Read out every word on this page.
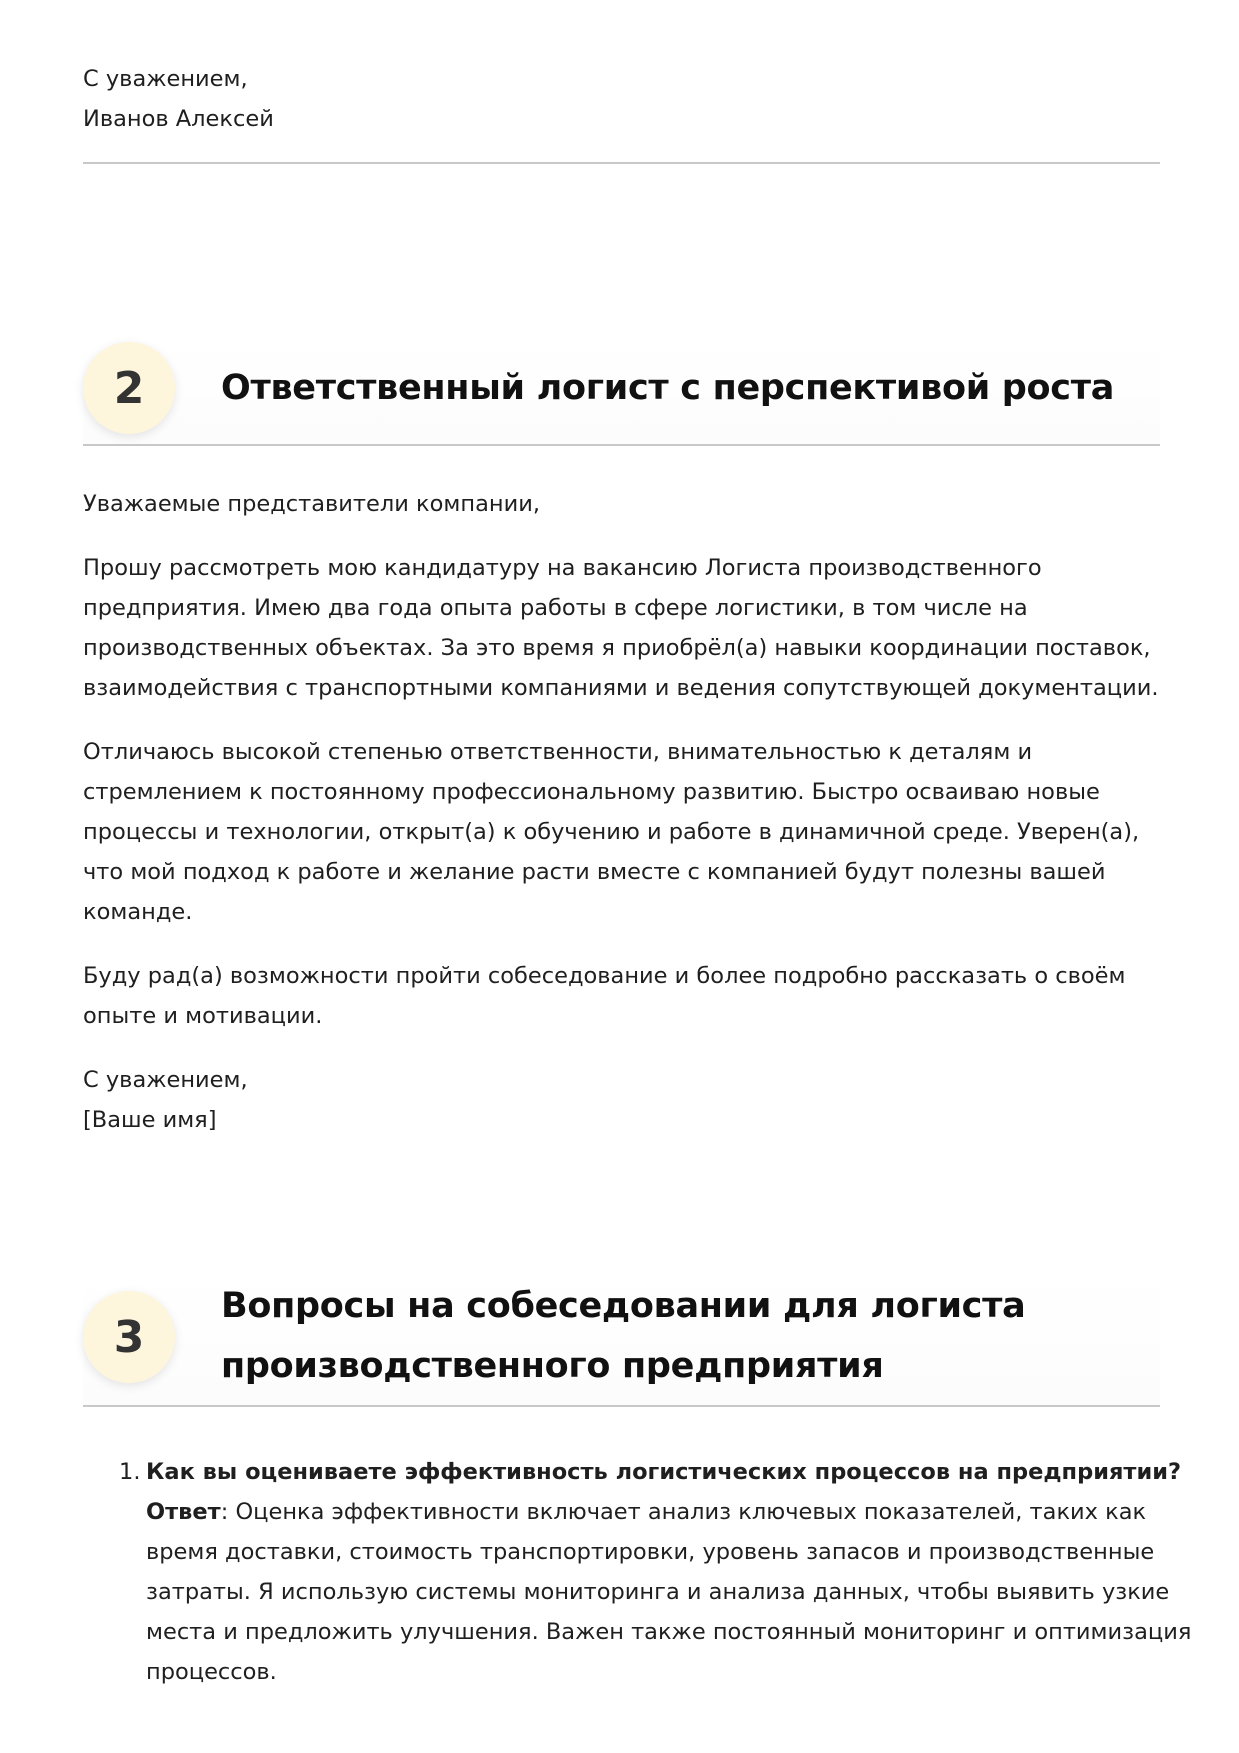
С уважением,
Иванов Алексей
2	Ответственный логист с перспективой роста

Уважаемые представители компании,

Прошу рассмотреть мою кандидатуру на вакансию Логиста производственного предприятия. Имею два года опыта работы в сфере логистики, в том числе на производственных объектах. За это время я приобрёл(а) навыки координации поставок, взаимодействия с транспортными компаниями и ведения сопутствующей документации.

Отличаюсь высокой степенью ответственности, внимательностью к деталям и стремлением к постоянному профессиональному развитию. Быстро осваиваю новые процессы и технологии, открыт(а) к обучению и работе в динамичной среде. Уверен(а), что мой подход к работе и желание расти вместе с компанией будут полезны вашей команде.

Буду рад(а) возможности пройти собеседование и более подробно рассказать о своём опыте и мотивации.

С уважением,
[Ваше имя]

3
Вопросы на собеседовании для логиста
производственного предприятия
1. Как вы оцениваете эффективность логистических процессов на предприятии?
Ответ: Оценка эффективности включает анализ ключевых показателей, таких как время доставки, стоимость транспортировки, уровень запасов и производственные затраты. Я использую системы мониторинга и анализа данных, чтобы выявить узкие места и предложить улучшения. Важен также постоянный мониторинг и оптимизация процессов.
